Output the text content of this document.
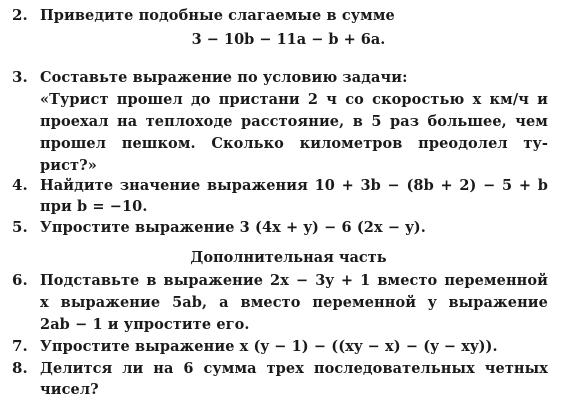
2. Приведите подобные слагаемые в сумме
3 − 10b − 11a − b + 6a.
3. Составьте выражение по условию задачи:
«Турист прошел до пристани 2 ч со скоростью x км/ч и
проехал на теплоходе расстояние, в 5 раз большее, чем
прошел пешком. Сколько километров преодолел ту-
рист?»
4. Найдите значение выражения 10 + 3b − (8b + 2) − 5 + b
при b = −10.
5. Упростите выражение 3 (4x + y) − 6 (2x − y).
Дополнительная часть
6. Подставьте в выражение 2x − 3y + 1 вместо переменной
x выражение 5ab, а вместо переменной y выражение
2ab − 1 и упростите его.
7. Упростите выражение x (y − 1) − ((xy − x) − (y − xy)).
8. Делится ли на 6 сумма трех последовательных четных
чисел?
